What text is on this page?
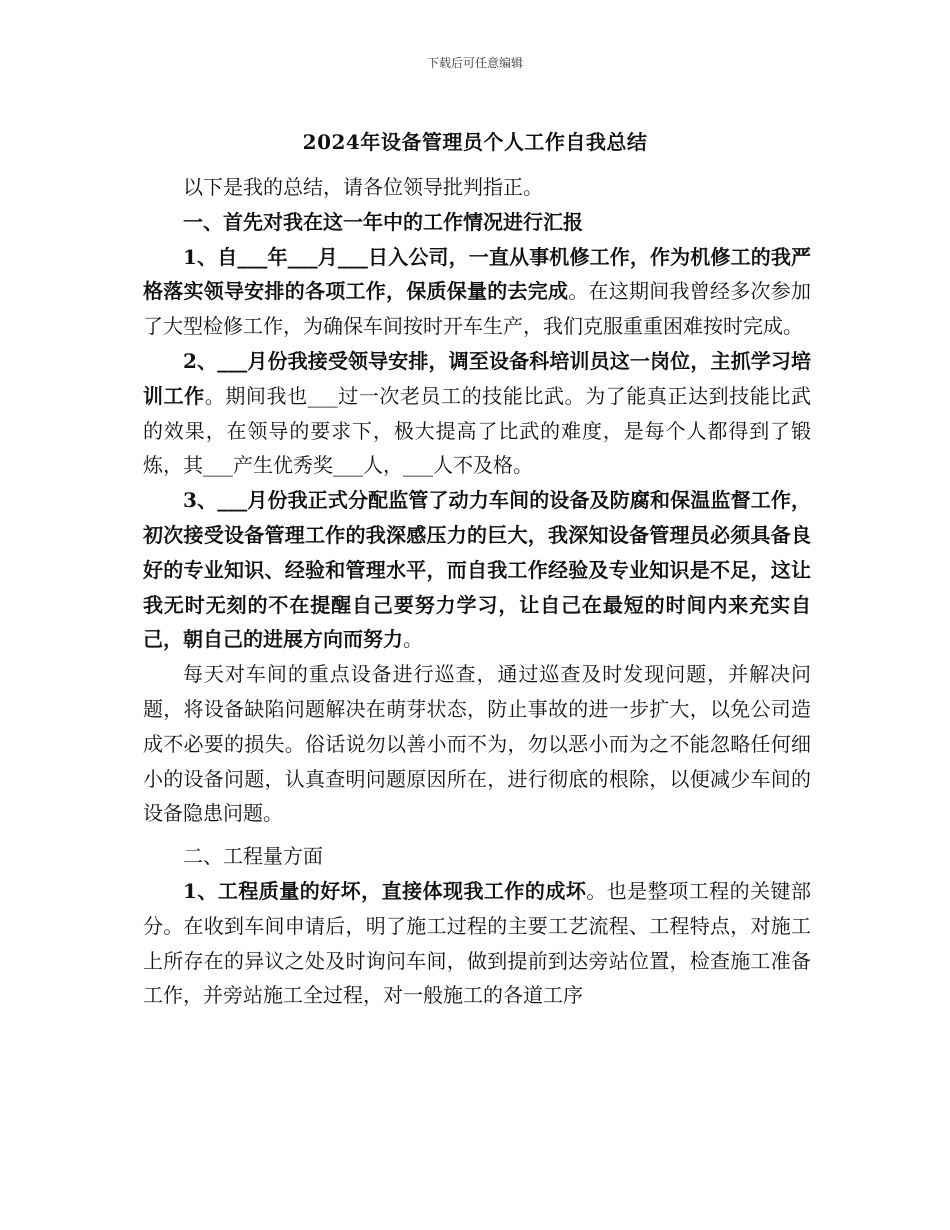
下载后可任意编辑
2024年设备管理员个人工作自我总结

以下是我的总结，请各位领导批判指正。

一、首先对我在这一年中的工作情况进行汇报

1、自___年___月___日入公司，一直从事机修工作，作为机修工的我严格落实领导安排的各项工作，保质保量的去完成。在这期间我曾经多次参加了大型检修工作，为确保车间按时开车生产，我们克服重重困难按时完成。

2、___月份我接受领导安排，调至设备科培训员这一岗位，主抓学习培训工作。期间我也___过一次老员工的技能比武。为了能真正达到技能比武的效果，在领导的要求下，极大提高了比武的难度，是每个人都得到了锻炼，其___产生优秀奖___人，___人不及格。

3、___月份我正式分配监管了动力车间的设备及防腐和保温监督工作，初次接受设备管理工作的我深感压力的巨大，我深知设备管理员必须具备良好的专业知识、经验和管理水平，而自我工作经验及专业知识是不足，这让我无时无刻的不在提醒自己要努力学习，让自己在最短的时间内来充实自己，朝自己的进展方向而努力。

每天对车间的重点设备进行巡查，通过巡查及时发现问题，并解决问题，将设备缺陷问题解决在萌芽状态，防止事故的进一步扩大，以免公司造成不必要的损失。俗话说勿以善小而不为，勿以恶小而为之不能忽略任何细小的设备问题，认真查明问题原因所在，进行彻底的根除，以便减少车间的设备隐患问题。

二、工程量方面

1、工程质量的好坏，直接体现我工作的成坏。也是整项工程的关键部分。在收到车间申请后，明了施工过程的主要工艺流程、工程特点，对施工上所存在的异议之处及时询问车间，做到提前到达旁站位置，检查施工准备工作，并旁站施工全过程，对一般施工的各道工序
